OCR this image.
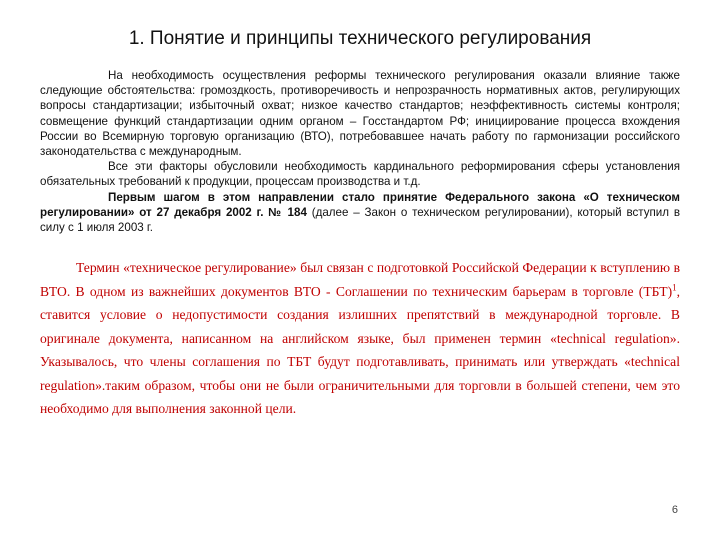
1. Понятие и принципы технического регулирования

На необходимость осуществления реформы технического регулирования оказали влияние также следующие обстоятельства: громоздкость, противоречивость и непрозрачность нормативных актов, регулирующих вопросы стандартизации; избыточный охват; низкое качество стандартов; неэффективность системы контроля; совмещение функций стандартизации одним органом – Госстандартом РФ; инициирование процесса вхождения России во Всемирную торговую организацию (ВТО), потребовавшее начать работу по гармонизации российского законодательства с международным.

Все эти факторы обусловили необходимость кардинального реформирования сферы установления обязательных требований к продукции, процессам производства и т.д.

Первым шагом в этом направлении стало принятие Федерального закона «О техническом регулировании» от 27 декабря 2002 г. № 184 (далее – Закон о техническом регулировании), который вступил в силу с 1 июля 2003 г.

Термин «техническое регулирование» был связан с подготовкой Российской Федерации к вступлению в ВТО. В одном из важнейших документов ВТО - Соглашении по техническим барьерам в торговле (ТБТ)$^1$, ставится условие о недопустимости создания излишних препятствий в международной торговле. В оригинале документа, написанном на английском языке, был применен термин «technical regulation». Указывалось, что члены соглашения по ТБТ будут подготавливать, принимать или утверждать «technical regulation».таким образом, чтобы они не были ограничительными для торговли в большей степени, чем это необходимо для выполнения законной цели.

6
